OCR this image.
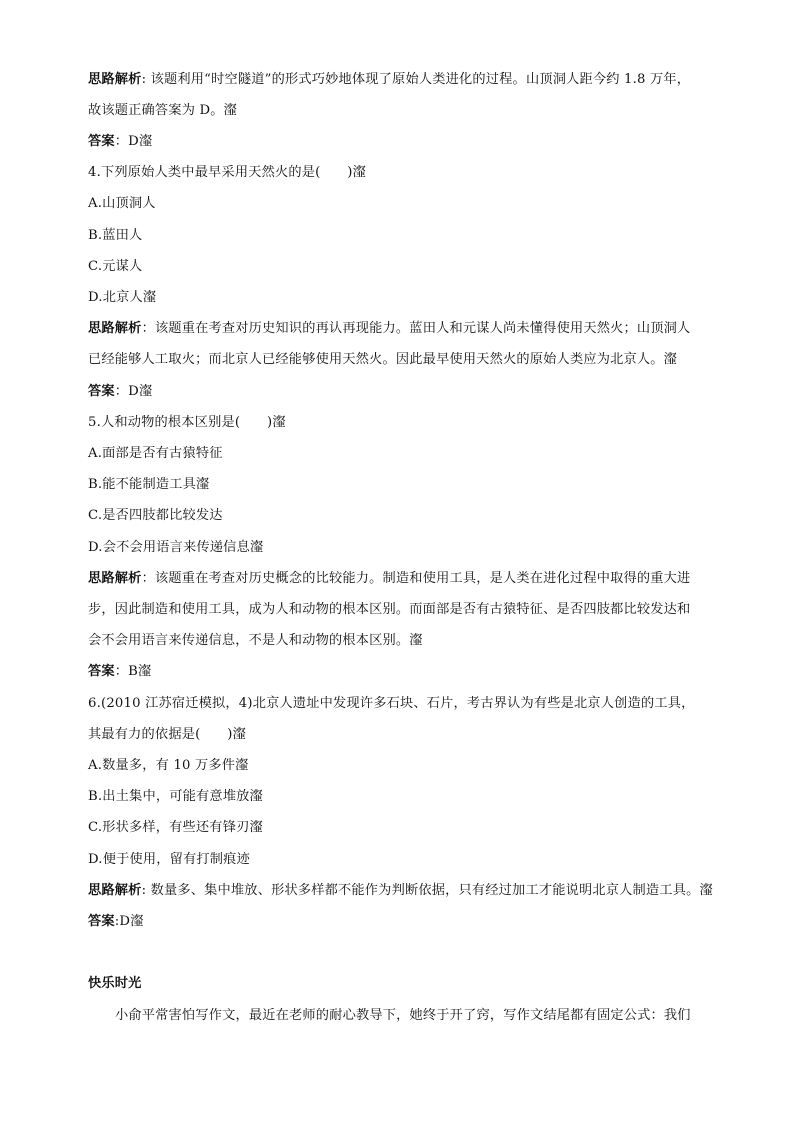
思路解析: 该题利用“时空隧道”的形式巧妙地体现了原始人类进化的过程。山顶洞人距今约 1.8 万年，
故该题正确答案为 D。瀣
答案：D瀣
4.下列原始人类中最早采用天然火的是(　　)瀣
A.山顶洞人
B.蓝田人
C.元谋人
D.北京人瀣
思路解析：该题重在考查对历史知识的再认再现能力。蓝田人和元谋人尚未懂得使用天然火；山顶洞人
已经能够人工取火；而北京人已经能够使用天然火。因此最早使用天然火的原始人类应为北京人。瀣
答案：D瀣
5.人和动物的根本区别是(　　)瀣
A.面部是否有古猿特征
B.能不能制造工具瀣
C.是否四肢都比较发达
D.会不会用语言来传递信息瀣
思路解析：该题重在考查对历史概念的比较能力。制造和使用工具，是人类在进化过程中取得的重大进
步，因此制造和使用工具，成为人和动物的根本区别。而面部是否有古猿特征、是否四肢都比较发达和
会不会用语言来传递信息，不是人和动物的根本区别。瀣
答案：B瀣
6.(2010 江苏宿迁模拟，4)北京人遗址中发现许多石块、石片，考古界认为有些是北京人创造的工具，
其最有力的依据是(　　)瀣
A.数量多，有 10 万多件瀣
B.出土集中，可能有意堆放瀣
C.形状多样，有些还有锋刃瀣
D.便于使用，留有打制痕迹
思路解析: 数量多、集中堆放、形状多样都不能作为判断依据，只有经过加工才能说明北京人制造工具。瀣
答案:D瀣
快乐时光
小俞平常害怕写作文，最近在老师的耐心教导下，她终于开了窍，写作文结尾都有固定公式：我们
